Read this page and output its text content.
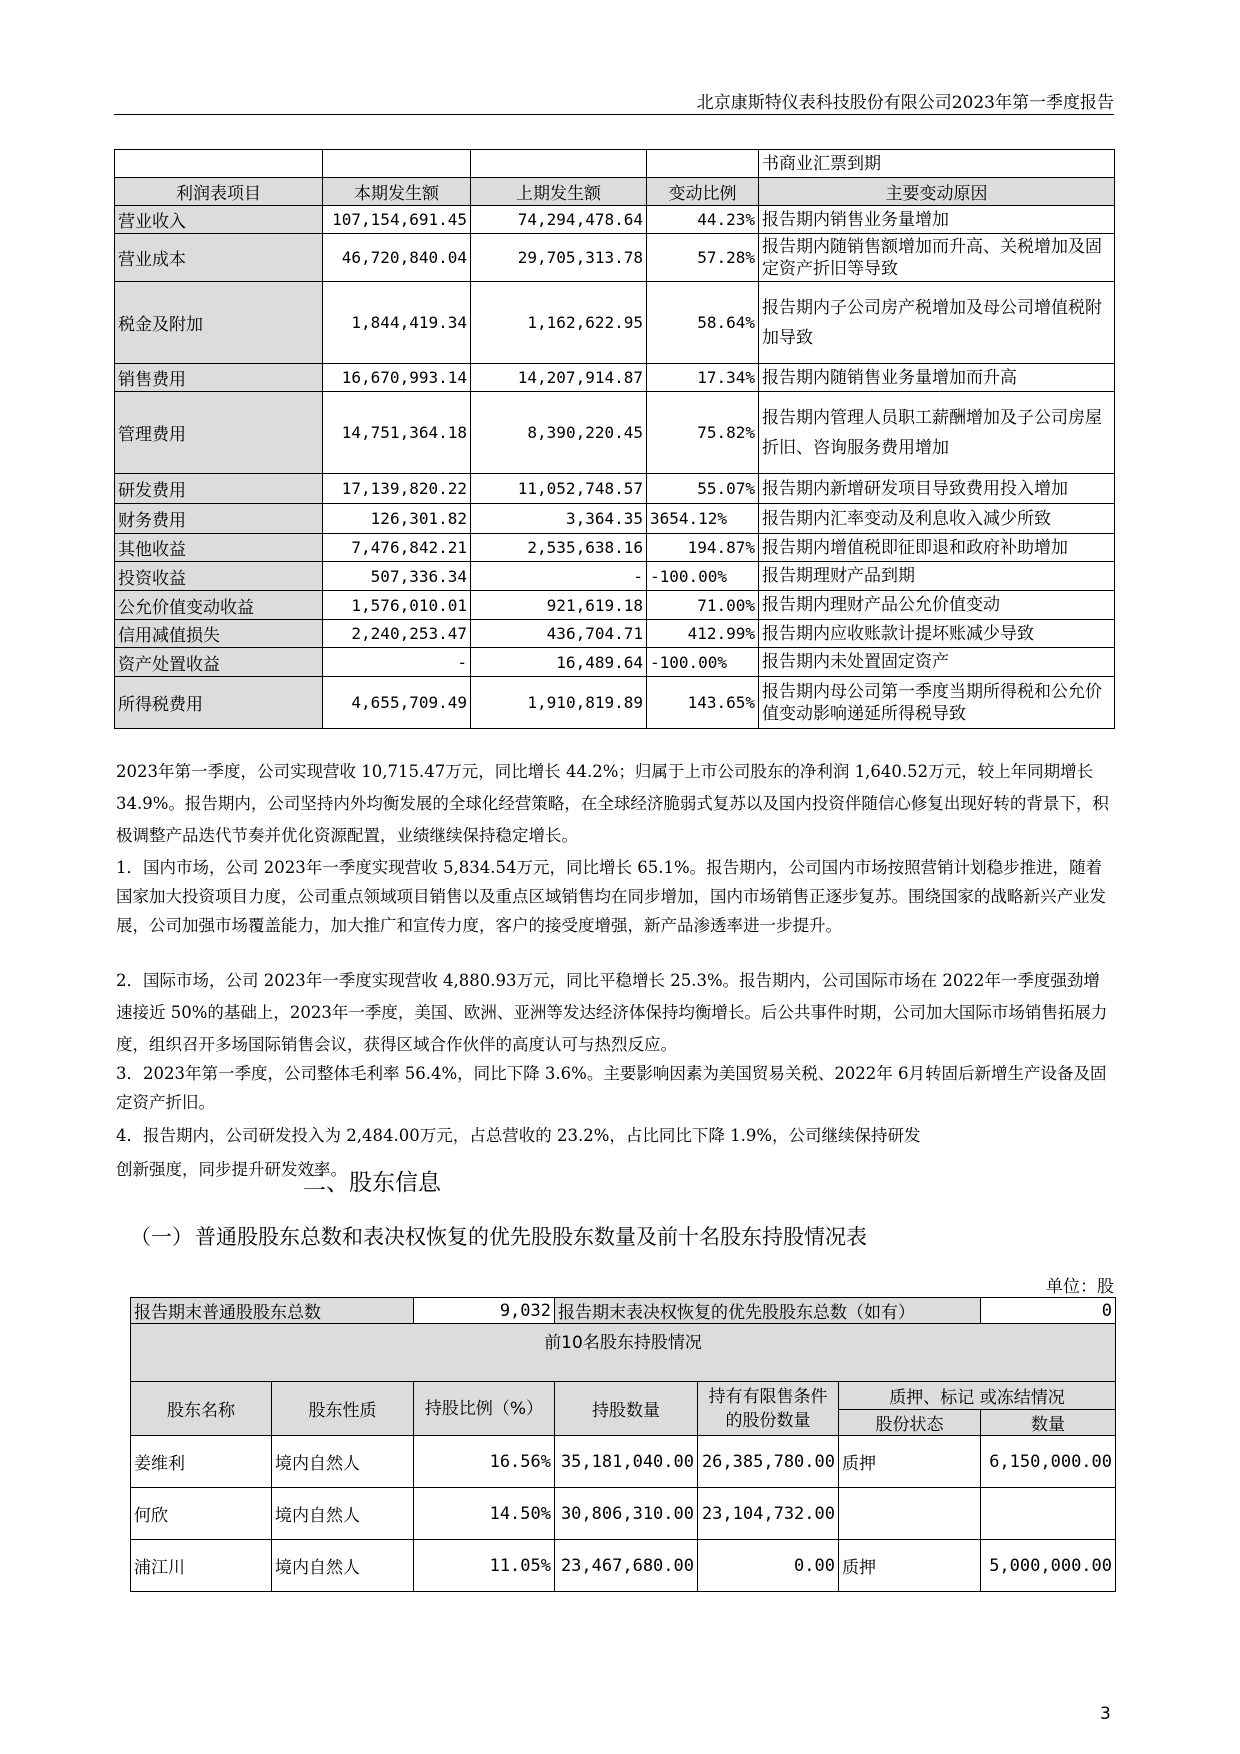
北京康斯特仪表科技股份有限公司2023年第一季度报告
				书商业汇票到期
利润表项目	本期发生额	上期发生额	变动比例	主要变动原因
营业收入	107,154,691.45	74,294,478.64	44.23%	报告期内销售业务量增加
营业成本	46,720,840.04	29,705,313.78	57.28%	报告期内随销售额增加而升高、关税增加及固定资产折旧等导致
税金及附加	1,844,419.34	1,162,622.95	58.64%	报告期内子公司房产税增加及母公司增值税附加导致
销售费用	16,670,993.14	14,207,914.87	17.34%	报告期内随销售业务量增加而升高
管理费用	14,751,364.18	8,390,220.45	75.82%	报告期内管理人员职工薪酬增加及子公司房屋折旧、咨询服务费用增加
研发费用	17,139,820.22	11,052,748.57	55.07%	报告期内新增研发项目导致费用投入增加
财务费用	126,301.82	3,364.35	3654.12%	报告期内汇率变动及利息收入减少所致
其他收益	7,476,842.21	2,535,638.16	194.87%	报告期内增值税即征即退和政府补助增加
投资收益	507,336.34	-	-100.00%	报告期理财产品到期
公允价值变动收益	1,576,010.01	921,619.18	71.00%	报告期内理财产品公允价值变动
信用减值损失	2,240,253.47	436,704.71	412.99%	报告期内应收账款计提坏账减少导致
资产处置收益	-	16,489.64	-100.00%	报告期内未处置固定资产
所得税费用	4,655,709.49	1,910,819.89	143.65%	报告期内母公司第一季度当期所得税和公允价值变动影响递延所得税导致

2023年第一季度，公司实现营收 10,715.47万元，同比增长 44.2%；归属于上市公司股东的净利润 1,640.52万元，较上年同期增长 34.9%。报告期内，公司坚持内外均衡发展的全球化经营策略，在全球经济脆弱式复苏以及国内投资伴随信心修复出现好转的背景下，积极调整产品迭代节奏并优化资源配置，业绩继续保持稳定增长。

1．国内市场，公司 2023年一季度实现营收 5,834.54万元，同比增长 65.1%。报告期内，公司国内市场按照营销计划稳步推进，随着国家加大投资项目力度，公司重点领域项目销售以及重点区域销售均在同步增加，国内市场销售正逐步复苏。围绕国家的战略新兴产业发展，公司加强市场覆盖能力，加大推广和宣传力度，客户的接受度增强，新产品渗透率进一步提升。

2．国际市场，公司 2023年一季度实现营收 4,880.93万元，同比平稳增长 25.3%。报告期内，公司国际市场在 2022年一季度强劲增速接近 50%的基础上，2023年一季度，美国、欧洲、亚洲等发达经济体保持均衡增长。后公共事件时期，公司加大国际市场销售拓展力度，组织召开多场国际销售会议，获得区域合作伙伴的高度认可与热烈反应。

3．2023年第一季度，公司整体毛利率 56.4%，同比下降 3.6%。主要影响因素为美国贸易关税、2022年 6月转固后新增生产设备及固定资产折旧。

4．报告期内，公司研发投入为 2,484.00万元，占总营收的 23.2%，占比同比下降 1.9%，公司继续保持研发创新强度，同步提升研发效率。

二、股东信息
（一） 普通股股东总数和表决权恢复的优先股股东数量及前十名股东持股情况表
单位：股
报告期末普通股股东总数		9,032	报告期末表决权恢复的优先股股东总数（如有）			0
前10名股东持股情况						
股东名称	股东性质	持股比例（%）	持股数量	持有有限售条件的股份数量	质押、标记 或冻结情况	
					股份状态	数量
姜维利	境内自然人	16.56%	35,181,040.00	26,385,780.00	质押	6,150,000.00
何欣	境内自然人	14.50%	30,806,310.00	23,104,732.00		
浦江川	境内自然人	11.05%	23,467,680.00	0.00	质押	5,000,000.00
3
